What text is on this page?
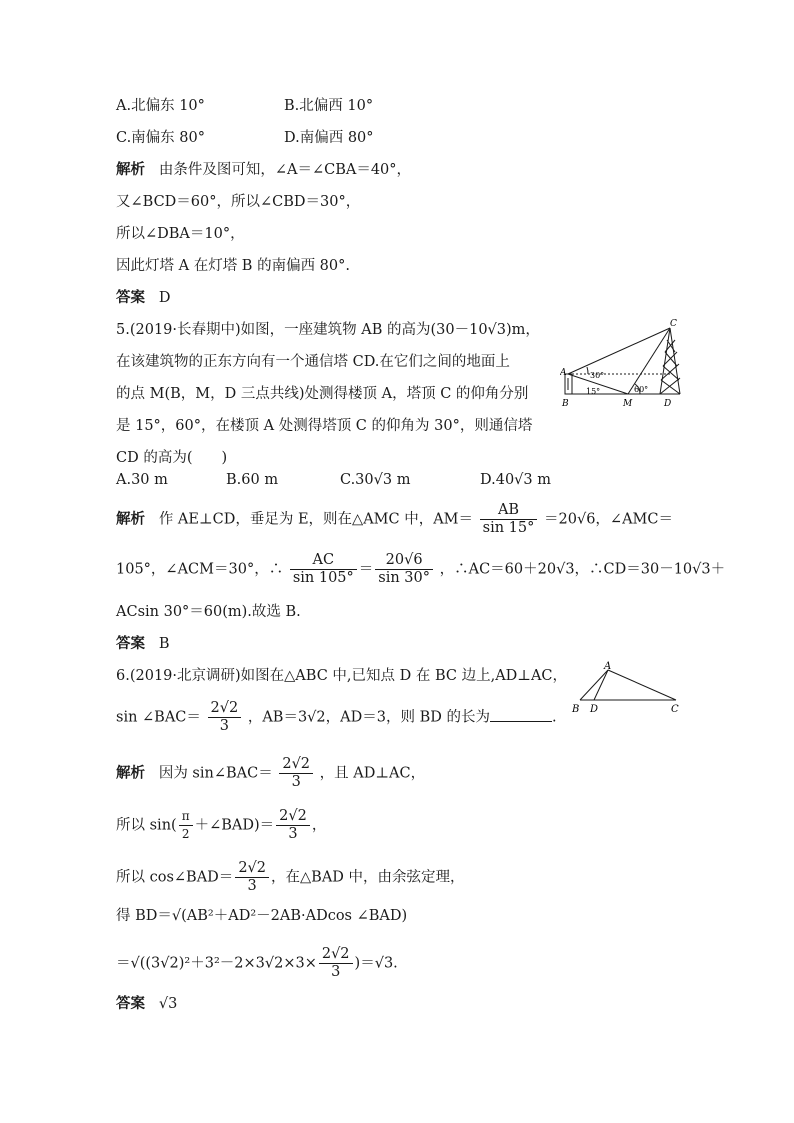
A.北偏东 10°	B.北偏西 10°
C.南偏东 80°	D.南偏西 80°
解析 由条件及图可知，∠A＝∠CBA＝40°，
又∠BCD＝60°，所以∠CBD＝30°，
所以∠DBA＝10°，
因此灯塔 A 在灯塔 B 的南偏西 80°.
答案 D
5.(2019·长春期中)如图，一座建筑物 AB 的高为(30－10√3)m，
在该建筑物的正东方向有一个通信塔 CD.在它们之间的地面上
的点 M(B，M，D 三点共线)处测得楼顶 A，塔顶 C 的仰角分别
是 15°，60°，在楼顶 A 处测得塔顶 C 的仰角为 30°，则通信塔
CD 的高为(　　)
A
B
C
D
M
30°
15°	60°
A.30 m	B.60 m	C.30√3 m	D.40√3 m
解析 作 AE⊥CD，垂足为 E，则在△AMC 中，$AM= \frac{AB}{\sin 15^\circ} =20√6$，∠AMC＝
105°，∠ACM＝30°，∴ $\frac{AC}{\sin 105^\circ} = \frac{20√6}{\sin 30^\circ}$ ，∴AC＝60＋20√3，∴CD＝30－10√3＋
ACsin 30°＝60(m).故选 B.
答案 B
6.(2019·北京调研)如图在△ABC 中,已知点 D 在 BC 边上,AD⊥AC，
sin ∠BAC＝ $\frac{2√2}{3}$ ，AB＝3√2，AD＝3，则 BD 的长为	.
A
B D	C
解析 因为 sin∠BAC＝ $\frac{2√2}{3}$ ，且 AD⊥AC，
所以 $\sin( \frac{\pi}{2}$ ＋∠BAD)＝ $\frac{2√2}{3}$ ，
所以 cos∠BAD＝ $\frac{2√2}{3}$ ，在△BAD 中，由余弦定理，
得 BD＝√(AB²＋AD²－2AB·ADcos ∠BAD)
$=√((3√2)^2+3^2-2\times 3√2\times 3\times \frac{2√2}{3} )=√3$.
答案 √3
